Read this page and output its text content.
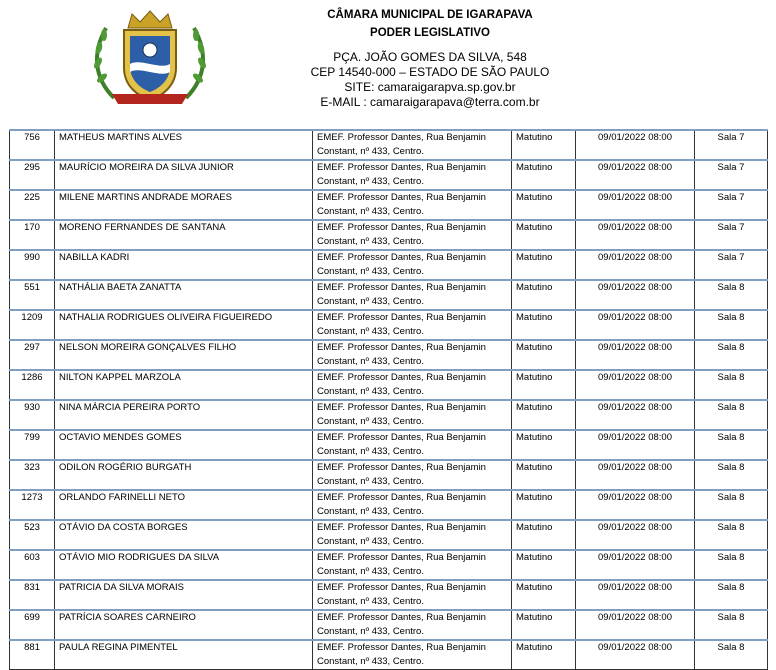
CÂMARA MUNICIPAL DE IGARAPAVA
PODER LEGISLATIVO
PÇA. JOÃO GOMES DA SILVA, 548
CEP 14540-000 – ESTADO DE SÃO PAULO
SITE: camaraigarapva.sp.gov.br
E-MAIL : camaraigarapava@terra.com.br
756	MATHEUS MARTINS ALVES	EMEF. Professor Dantes, Rua Benjamin
Constant, nº 433, Centro.	Matutino	09/01/2022 08:00	Sala 7
295	MAURÍCIO MOREIRA DA SILVA JUNIOR	EMEF. Professor Dantes, Rua Benjamin
Constant, nº 433, Centro.	Matutino	09/01/2022 08:00	Sala 7
225	MILENE MARTINS ANDRADE MORAES	EMEF. Professor Dantes, Rua Benjamin
Constant, nº 433, Centro.	Matutino	09/01/2022 08:00	Sala 7
170	MORENO FERNANDES DE SANTANA	EMEF. Professor Dantes, Rua Benjamin
Constant, nº 433, Centro.	Matutino	09/01/2022 08:00	Sala 7
990	NABILLA KADRI	EMEF. Professor Dantes, Rua Benjamin
Constant, nº 433, Centro.	Matutino	09/01/2022 08:00	Sala 7
551	NATHÁLIA BAETA ZANATTA	EMEF. Professor Dantes, Rua Benjamin
Constant, nº 433, Centro.	Matutino	09/01/2022 08:00	Sala 8
1209	NATHALIA RODRIGUES OLIVEIRA FIGUEIREDO	EMEF. Professor Dantes, Rua Benjamin
Constant, nº 433, Centro.	Matutino	09/01/2022 08:00	Sala 8
297	NELSON MOREIRA GONÇALVES FILHO	EMEF. Professor Dantes, Rua Benjamin
Constant, nº 433, Centro.	Matutino	09/01/2022 08:00	Sala 8
1286	NILTON KAPPEL MARZOLA	EMEF. Professor Dantes, Rua Benjamin
Constant, nº 433, Centro.	Matutino	09/01/2022 08:00	Sala 8
930	NINA MÁRCIA PEREIRA PORTO	EMEF. Professor Dantes, Rua Benjamin
Constant, nº 433, Centro.	Matutino	09/01/2022 08:00	Sala 8
799	OCTAVIO MENDES GOMES	EMEF. Professor Dantes, Rua Benjamin
Constant, nº 433, Centro.	Matutino	09/01/2022 08:00	Sala 8
323	ODILON ROGÉRIO BURGATH	EMEF. Professor Dantes, Rua Benjamin
Constant, nº 433, Centro.	Matutino	09/01/2022 08:00	Sala 8
1273	ORLANDO FARINELLI NETO	EMEF. Professor Dantes, Rua Benjamin
Constant, nº 433, Centro.	Matutino	09/01/2022 08:00	Sala 8
523	OTÁVIO DA COSTA BORGES	EMEF. Professor Dantes, Rua Benjamin
Constant, nº 433, Centro.	Matutino	09/01/2022 08:00	Sala 8
603	OTÁVIO MIO RODRIGUES DA SILVA	EMEF. Professor Dantes, Rua Benjamin
Constant, nº 433, Centro.	Matutino	09/01/2022 08:00	Sala 8
831	PATRICIA DA SILVA MORAIS	EMEF. Professor Dantes, Rua Benjamin
Constant, nº 433, Centro.	Matutino	09/01/2022 08:00	Sala 8
699	PATRÍCIA SOARES CARNEIRO	EMEF. Professor Dantes, Rua Benjamin
Constant, nº 433, Centro.	Matutino	09/01/2022 08:00	Sala 8
881	PAULA REGINA PIMENTEL	EMEF. Professor Dantes, Rua Benjamin
Constant, nº 433, Centro.	Matutino	09/01/2022 08:00	Sala 8
